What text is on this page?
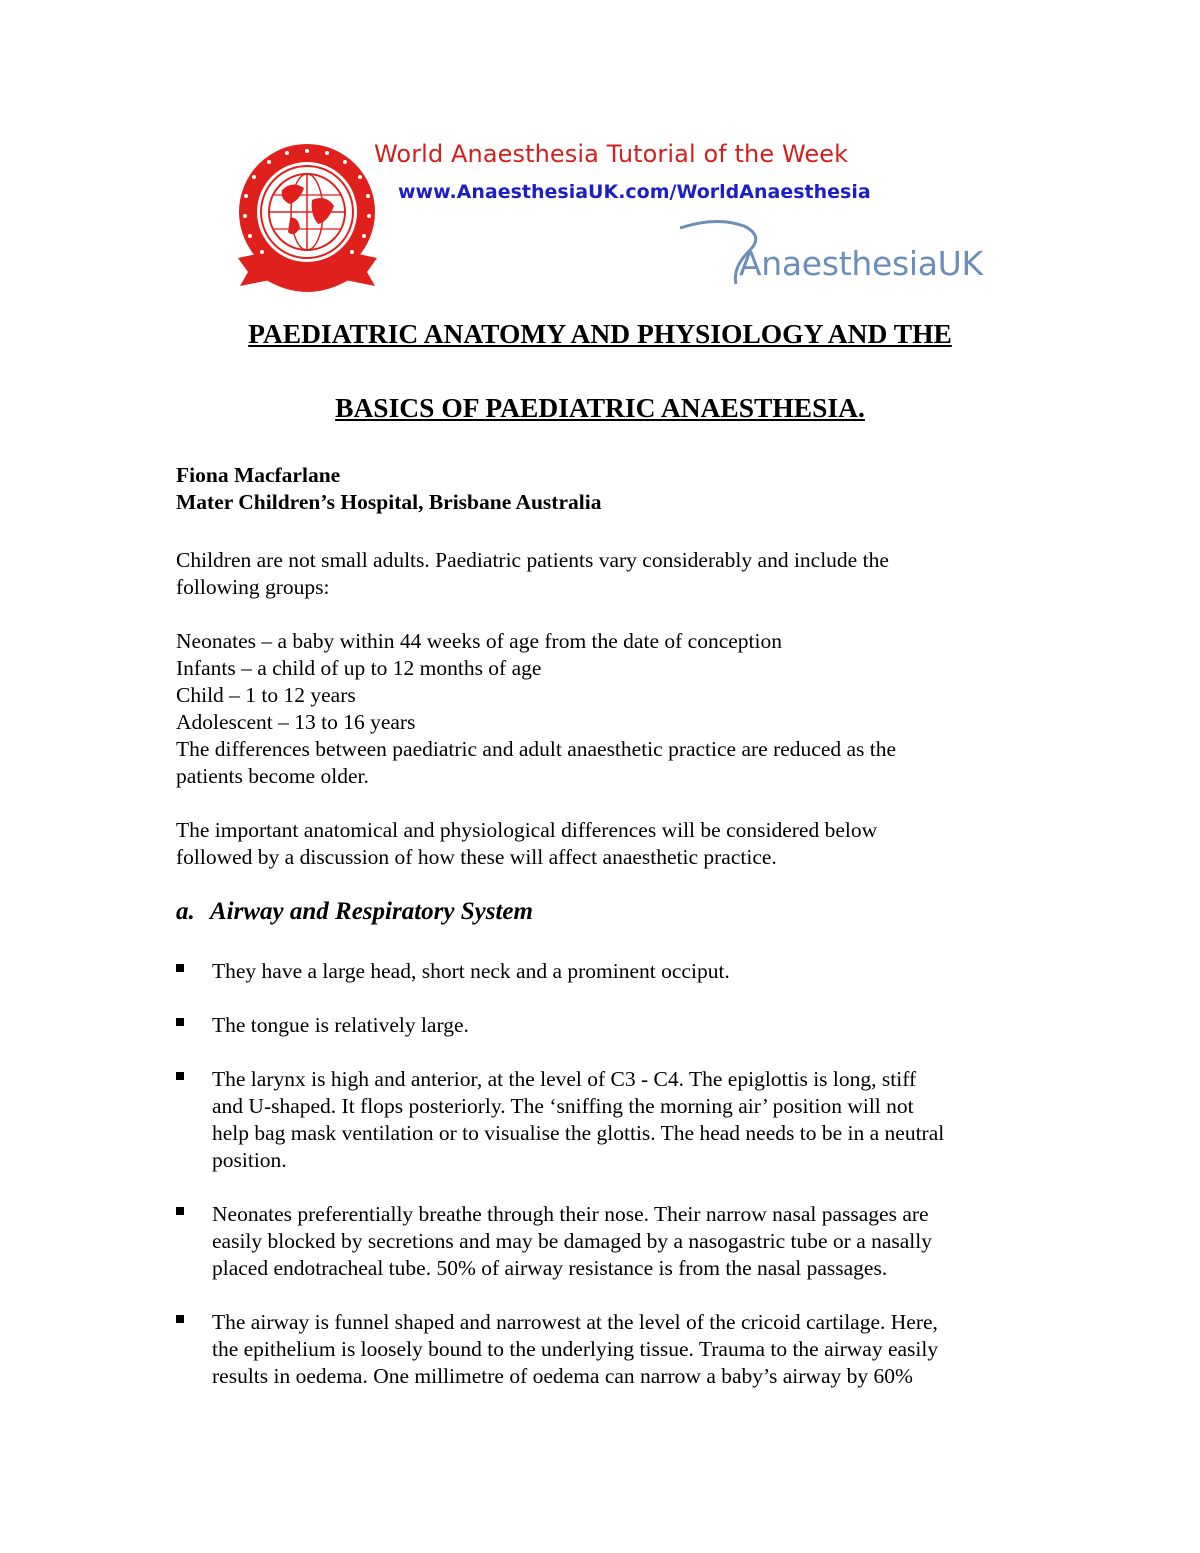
World Anaesthesia Tutorial of the Week
www.AnaesthesiaUK.com/WorldAnaesthesia
AnaesthesiaUK
PAEDIATRIC ANATOMY AND PHYSIOLOGY AND THE
BASICS OF PAEDIATRIC ANAESTHESIA.
Fiona Macfarlane
Mater Children’s Hospital, Brisbane Australia
Children are not small adults. Paediatric patients vary considerably and include the
following groups:
Neonates – a baby within 44 weeks of age from the date of conception
Infants – a child of up to 12 months of age
Child – 1 to 12 years
Adolescent – 13 to 16 years
The differences between paediatric and adult anaesthetic practice are reduced as the
patients become older.
The important anatomical and physiological differences will be considered below
followed by a discussion of how these will affect anaesthetic practice.
a. Airway and Respiratory System
They have a large head, short neck and a prominent occiput.
The tongue is relatively large.
The larynx is high and anterior, at the level of C3 - C4. The epiglottis is long, stiff
and U-shaped. It flops posteriorly. The ‘sniffing the morning air’ position will not
help bag mask ventilation or to visualise the glottis. The head needs to be in a neutral
position.
Neonates preferentially breathe through their nose. Their narrow nasal passages are
easily blocked by secretions and may be damaged by a nasogastric tube or a nasally
placed endotracheal tube. 50% of airway resistance is from the nasal passages.
The airway is funnel shaped and narrowest at the level of the cricoid cartilage. Here,
the epithelium is loosely bound to the underlying tissue. Trauma to the airway easily
results in oedema. One millimetre of oedema can narrow a baby’s airway by 60%
